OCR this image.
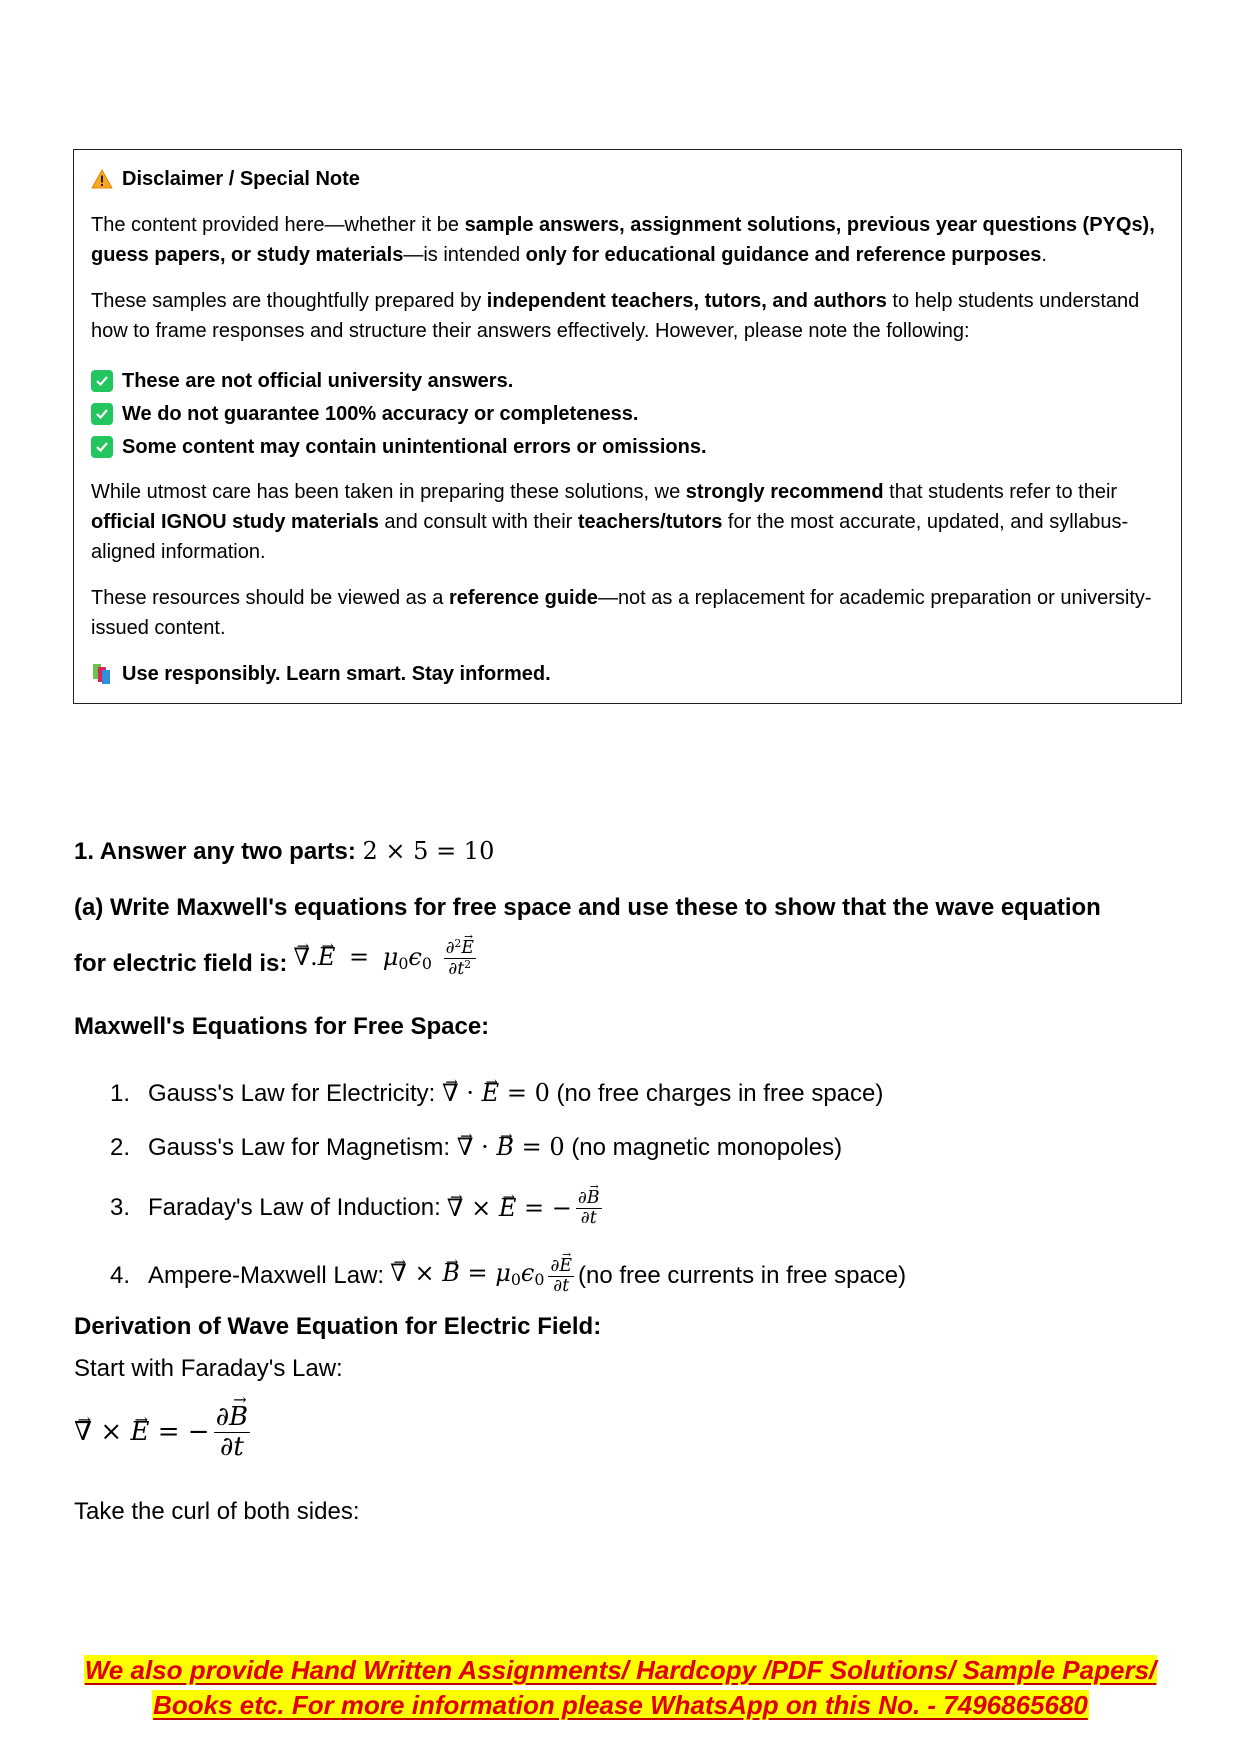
Disclaimer / Special Note

The content provided here—whether it be sample answers, assignment solutions, previous year questions (PYQs), guess papers, or study materials—is intended only for educational guidance and reference purposes.

These samples are thoughtfully prepared by independent teachers, tutors, and authors to help students understand how to frame responses and structure their answers effectively. However, please note the following:

These are not official university answers.
We do not guarantee 100% accuracy or completeness.
Some content may contain unintentional errors or omissions.

While utmost care has been taken in preparing these solutions, we strongly recommend that students refer to their official IGNOU study materials and consult with their teachers/tutors for the most accurate, updated, and syllabus-aligned information.

These resources should be viewed as a reference guide—not as a replacement for academic preparation or university-issued content.

Use responsibly. Learn smart. Stay informed.
1. Answer any two parts: 2 × 5 = 10
(a) Write Maxwell's equations for free space and use these to show that the wave equation
for electric field is: → ∇.→ $E = \mu_0\epsilon_0 \frac{\partial^2\to E}{\partial t^2}$
Maxwell's Equations for Free Space:
1. Gauss's Law for Electricity: → ∇ · → E = 0 (no free charges in free space)
2. Gauss's Law for Magnetism: → ∇ · → B = 0 (no magnetic monopoles)
3. Faraday's Law of Induction: → ∇ × → E = − $\frac{\partial\to B}{\partial t}$
4. Ampere-Maxwell Law: → ∇ × → $B = \mu_0\epsilon_0 \frac{\partial\to E}{\partial t} (no$ free currents in free space)
Derivation of Wave Equation for Electric Field:
Start with Faraday's Law:
→ ∇ × → E = − $\frac{\partial\to B}{\partial t}$
Take the curl of both sides:
We also provide Hand Written Assignments/ Hardcopy /PDF Solutions/ Sample Papers/
Books etc. For more information please WhatsApp on this No. - 7496865680
